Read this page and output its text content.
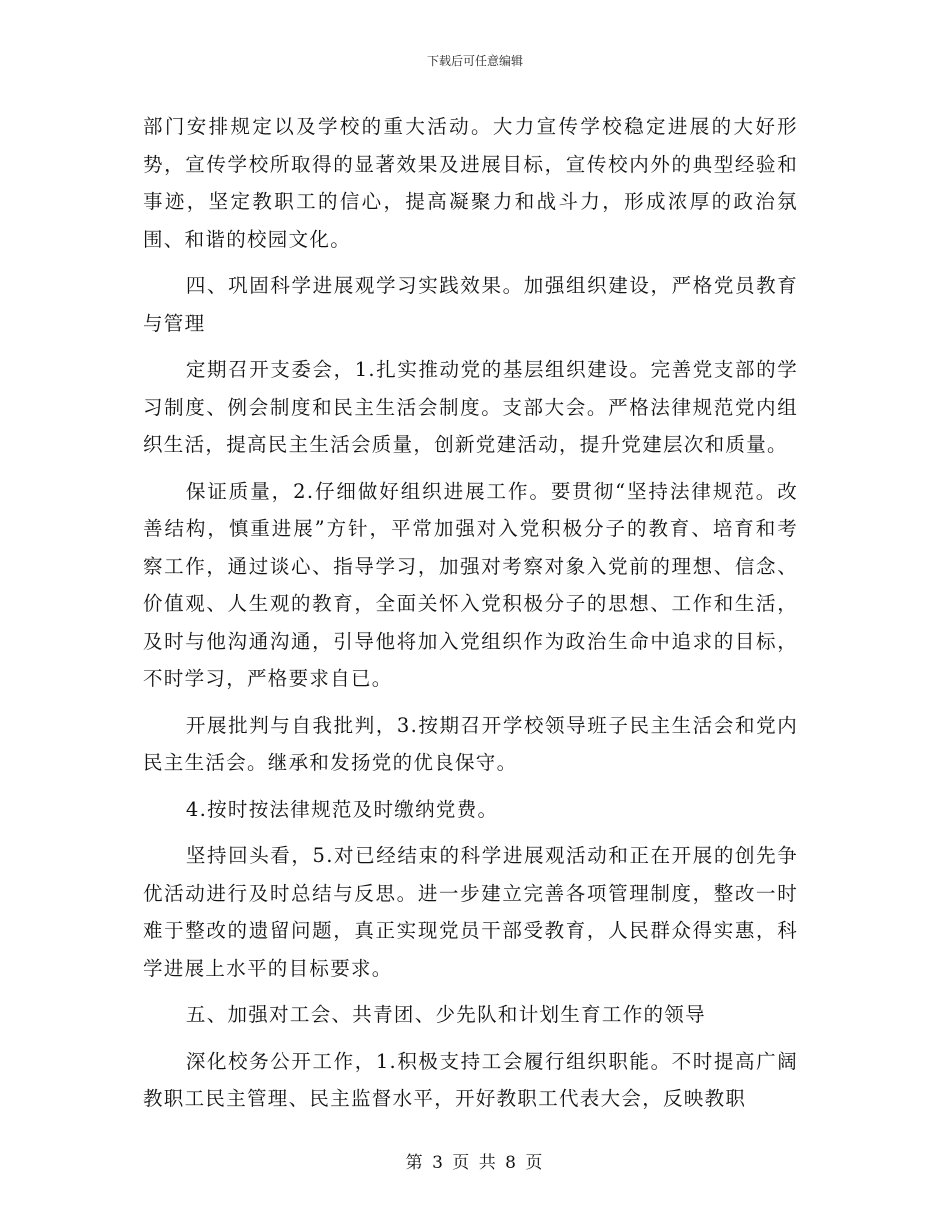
下载后可任意编辑

部门安排规定以及学校的重大活动。大力宣传学校稳定进展的大好形势，宣传学校所取得的显著效果及进展目标，宣传校内外的典型经验和事迹，坚定教职工的信心，提高凝聚力和战斗力，形成浓厚的政治氛围、和谐的校园文化。

四、巩固科学进展观学习实践效果。加强组织建设，严格党员教育与管理

定期召开支委会，1.扎实推动党的基层组织建设。完善党支部的学习制度、例会制度和民主生活会制度。支部大会。严格法律规范党内组织生活，提高民主生活会质量，创新党建活动，提升党建层次和质量。

保证质量，2.仔细做好组织进展工作。要贯彻“坚持法律规范。改善结构，慎重进展”方针，平常加强对入党积极分子的教育、培育和考察工作，通过谈心、指导学习，加强对考察对象入党前的理想、信念、价值观、人生观的教育，全面关怀入党积极分子的思想、工作和生活，及时与他沟通沟通，引导他将加入党组织作为政治生命中追求的目标，不时学习，严格要求自已。

开展批判与自我批判，3.按期召开学校领导班子民主生活会和党内民主生活会。继承和发扬党的优良保守。

4.按时按法律规范及时缴纳党费。

坚持回头看，5.对已经结束的科学进展观活动和正在开展的创先争优活动进行及时总结与反思。进一步建立完善各项管理制度，整改一时难于整改的遗留问题，真正实现党员干部受教育，人民群众得实惠，科学进展上水平的目标要求。

五、加强对工会、共青团、少先队和计划生育工作的领导

深化校务公开工作，1.积极支持工会履行组织职能。不时提高广阔教职工民主管理、民主监督水平，开好教职工代表大会，反映教职

第 3 页 共 8 页
